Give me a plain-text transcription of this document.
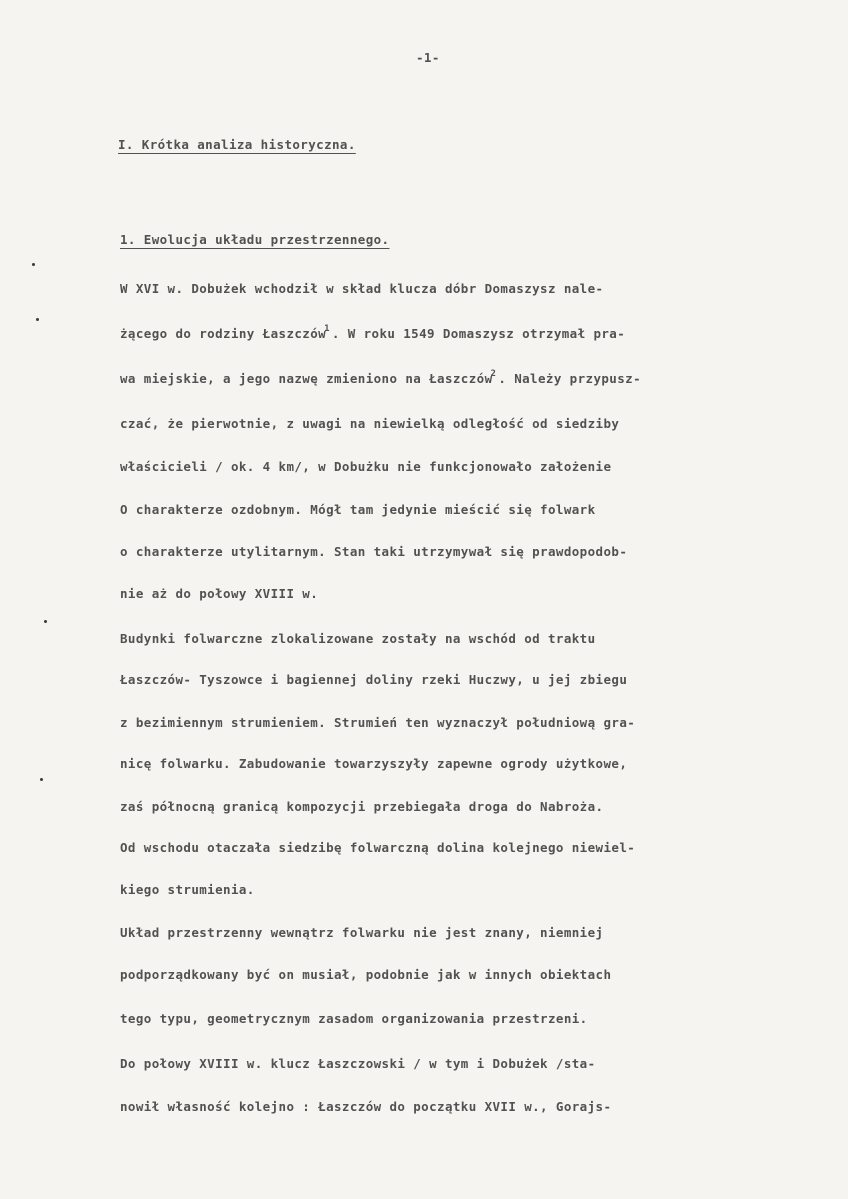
-1-
I. Krótka analiza historyczna.
1. Ewolucja układu przestrzennego.
W XVI w. Dobużek wchodził w skład klucza dóbr Domaszysz nale-
żącego do rodziny Łaszczów$^1$ . W roku 1549 Domaszysz otrzymał pra-
wa miejskie, a jego nazwę zmieniono na Łaszczów$^2$ . Należy przypusz-
czać, że pierwotnie, z uwagi na niewielką odległość od siedziby
właścicieli / ok. 4 km/, w Dobużku nie funkcjonowało założenie
O charakterze ozdobnym. Mógł tam jedynie mieścić się folwark
o charakterze utylitarnym. Stan taki utrzymywał się prawdopodob-
nie aż do połowy XVIII w.
Budynki folwarczne zlokalizowane zostały na wschód od traktu
Łaszczów- Tyszowce i bagiennej doliny rzeki Huczwy, u jej zbiegu
z bezimiennym strumieniem. Strumień ten wyznaczył południową gra-
nicę folwarku. Zabudowanie towarzyszyły zapewne ogrody użytkowe,
zaś północną granicą kompozycji przebiegała droga do Nabroża.
Od wschodu otaczała siedzibę folwarczną dolina kolejnego niewiel-
kiego strumienia.
Układ przestrzenny wewnątrz folwarku nie jest znany, niemniej
podporządkowany być on musiał, podobnie jak w innych obiektach
tego typu, geometrycznym zasadom organizowania przestrzeni.
Do połowy XVIII w. klucz Łaszczowski / w tym i Dobużek /sta-
nowił własność kolejno : Łaszczów do początku XVII w., Gorajs-
